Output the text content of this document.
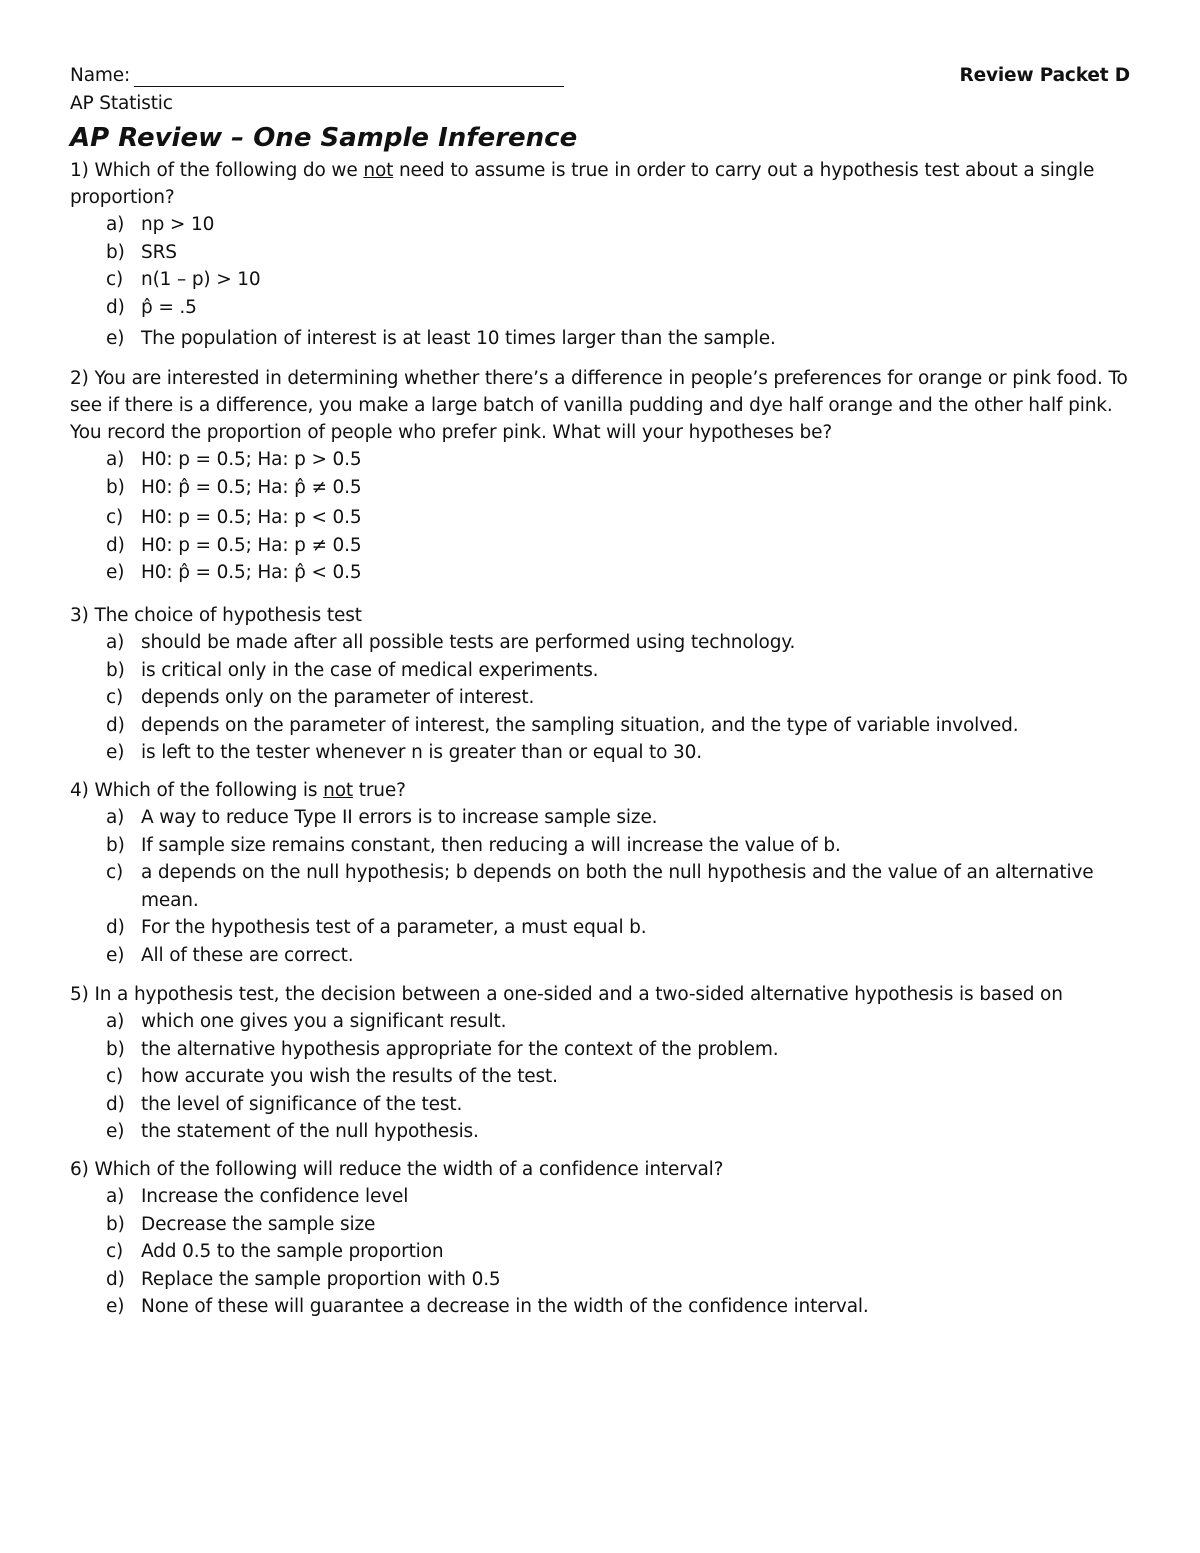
Name:	Review Packet D
AP Statistic
AP Review – One Sample Inference
1) Which of the following do we not need to assume is true in order to carry out a hypothesis test about a single proportion?
a) np > 10
b) SRS
c) n(1 – p) > 10
d) p̂ = .5
e) The population of interest is at least 10 times larger than the sample.
2) You are interested in determining whether there’s a difference in people’s preferences for orange or pink food. To see if there is a difference, you make a large batch of vanilla pudding and dye half orange and the other half pink. You record the proportion of people who prefer pink. What will your hypotheses be?
a) H0: p = 0.5; Ha: p > 0.5
b) H0: p̂ = 0.5; Ha: p̂ ≠ 0.5
c) H0: p = 0.5; Ha: p < 0.5
d) H0: p = 0.5; Ha: p ≠ 0.5
e) H0: p̂ = 0.5; Ha: p̂ < 0.5
3) The choice of hypothesis test
a) should be made after all possible tests are performed using technology.
b) is critical only in the case of medical experiments.
c) depends only on the parameter of interest.
d) depends on the parameter of interest, the sampling situation, and the type of variable involved.
e) is left to the tester whenever n is greater than or equal to 30.
4) Which of the following is not true?
a) A way to reduce Type II errors is to increase sample size.
b) If sample size remains constant, then reducing a will increase the value of b.
c) a depends on the null hypothesis; b depends on both the null hypothesis and the value of an alternative mean.
d) For the hypothesis test of a parameter, a must equal b.
e) All of these are correct.
5) In a hypothesis test, the decision between a one-sided and a two-sided alternative hypothesis is based on
a) which one gives you a significant result.
b) the alternative hypothesis appropriate for the context of the problem.
c) how accurate you wish the results of the test.
d) the level of significance of the test.
e) the statement of the null hypothesis.
6) Which of the following will reduce the width of a confidence interval?
a) Increase the confidence level
b) Decrease the sample size
c) Add 0.5 to the sample proportion
d) Replace the sample proportion with 0.5
e) None of these will guarantee a decrease in the width of the confidence interval.
